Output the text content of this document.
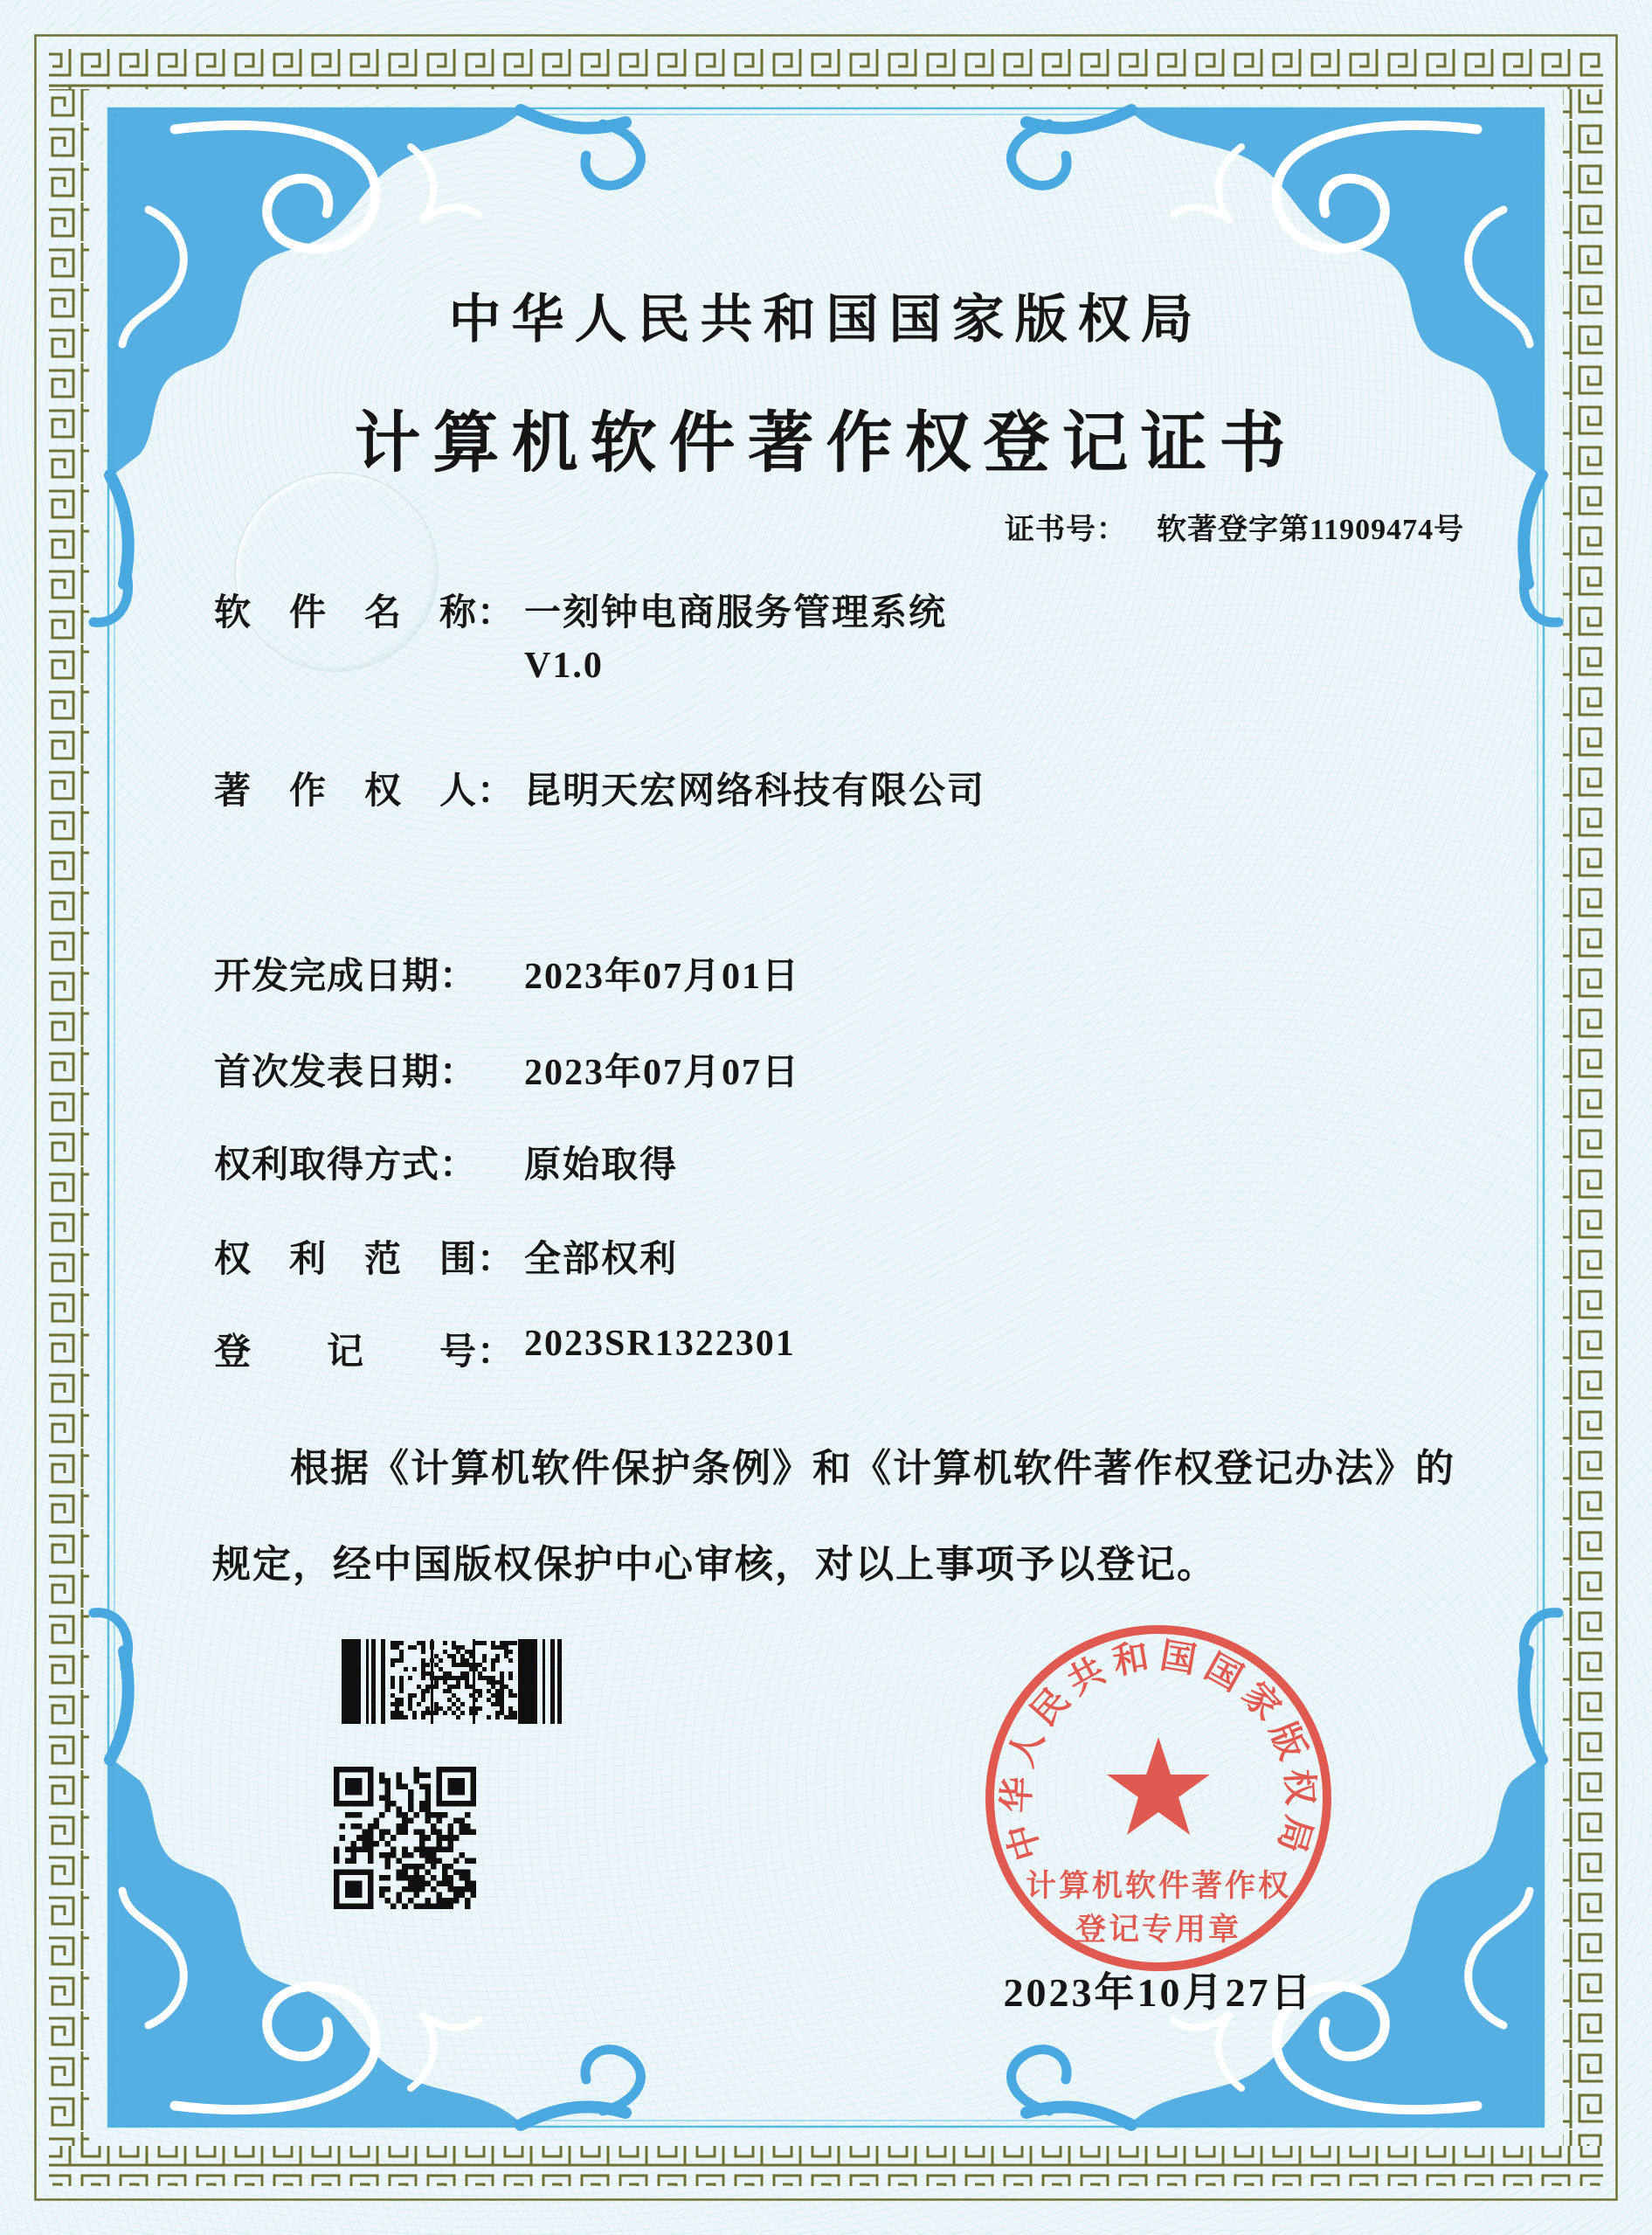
中华人民共和国国家版权局
计算机软件著作权登记证书
证书号： 软著登字第11909474号
软　件　名　称： 一刻钟电商服务管理系统
V1.0
著　作　权　人： 昆明天宏网络科技有限公司
开发完成日期： 2023年07月01日
首次发表日期： 2023年07月07日
权利取得方式： 原始取得
权　利　范　围： 全部权利
登　　记　　号： 2023SR1322301
根据《计算机软件保护条例》和《计算机软件著作权登记办法》的
规定，经中国版权保护中心审核，对以上事项予以登记。
中华人民共和国国家版权局
计算机软件著作权
登记专用章
2023年10月27日
